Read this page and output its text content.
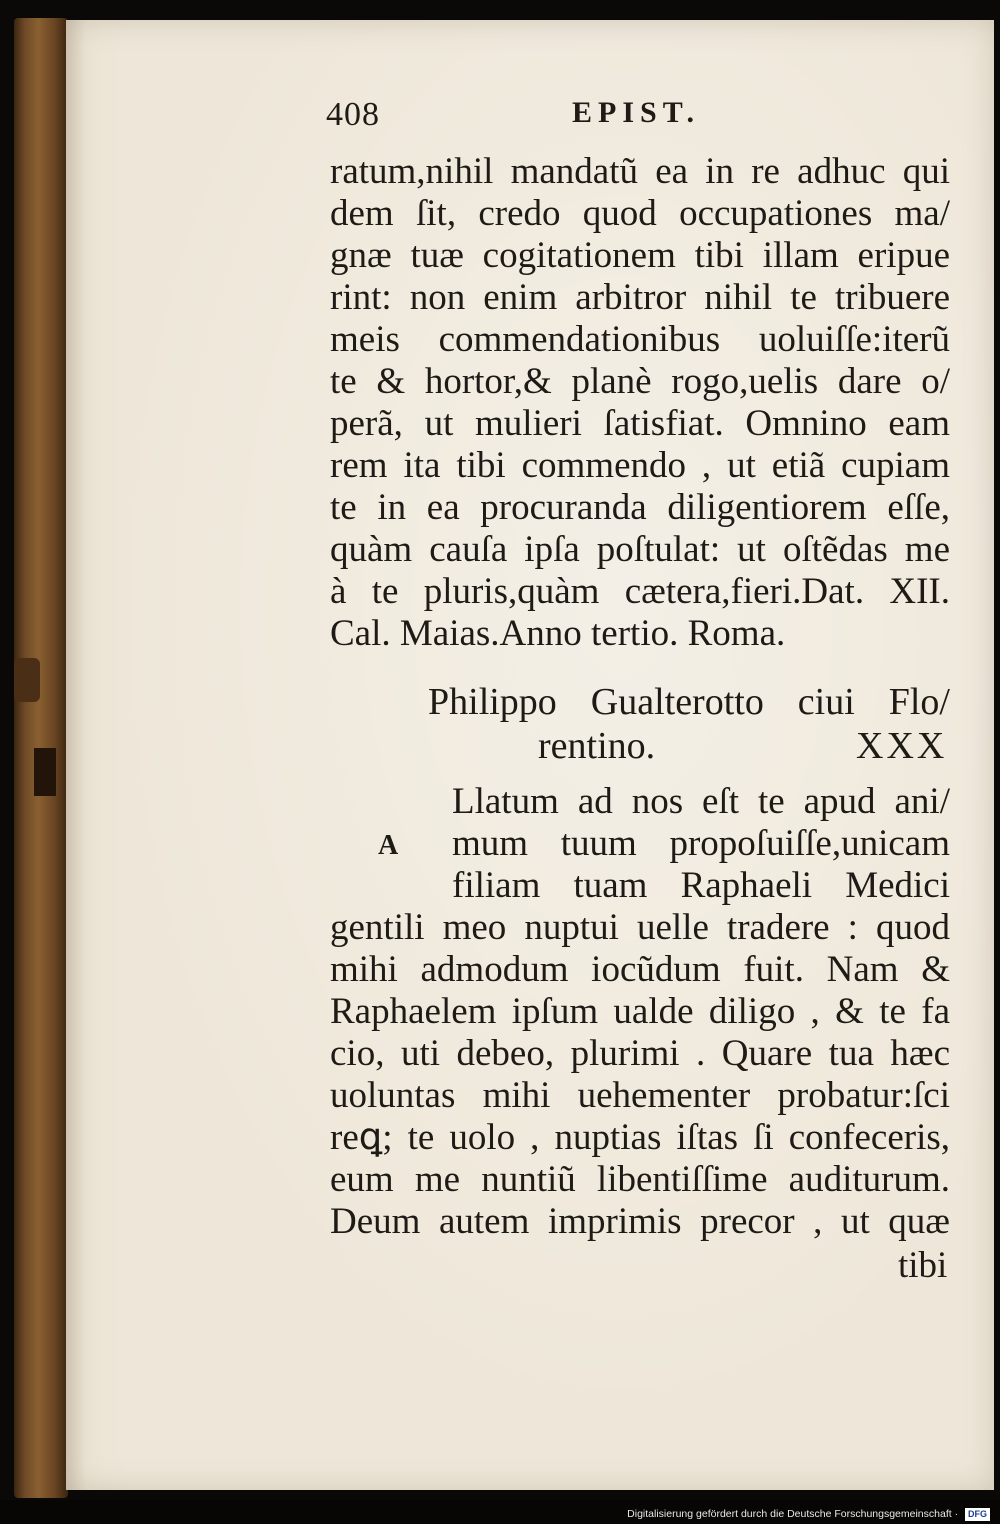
408	EPIST.
ratum,nihil mandatũ ea in re adhuc qui
dem ſit, credo quod occupationes ma/
gnæ tuæ cogitationem tibi illam eripue
rint: non enim arbitror nihil te tribuere
meis commendationibus uoluiſſe:iterũ
te & hortor,& planè rogo,uelis dare o/
perã, ut mulieri ſatisfiat. Omnino eam
rem ita tibi commendo , ut etiã cupiam
te in ea procuranda diligentiorem eſſe,
quàm cauſa ipſa poſtulat: ut oſtẽdas me
à te pluris,quàm cætera,fieri.Dat. XII.
Cal. Maias.Anno tertio. Roma.
Philippo Gualterotto ciui Flo/
rentino.	XXX
A
Llatum ad nos eſt te apud ani/
mum tuum propoſuiſſe,unicam
filiam tuam Raphaeli Medici
gentili meo nuptui uelle tradere : quod
mihi admodum iocũdum fuit. Nam &
Raphaelem ipſum ualde diligo , & te fa
cio, uti debeo, plurimi . Quare tua hæc
uoluntas mihi uehementer probatur:ſci
reꝗ; te uolo , nuptias iſtas ſi confeceris,
eum me nuntiũ libentiſſime auditurum.
Deum autem imprimis precor , ut quæ
tibi
Digitalisierung gefördert durch die Deutsche Forschungsgemeinschaft · DFG
